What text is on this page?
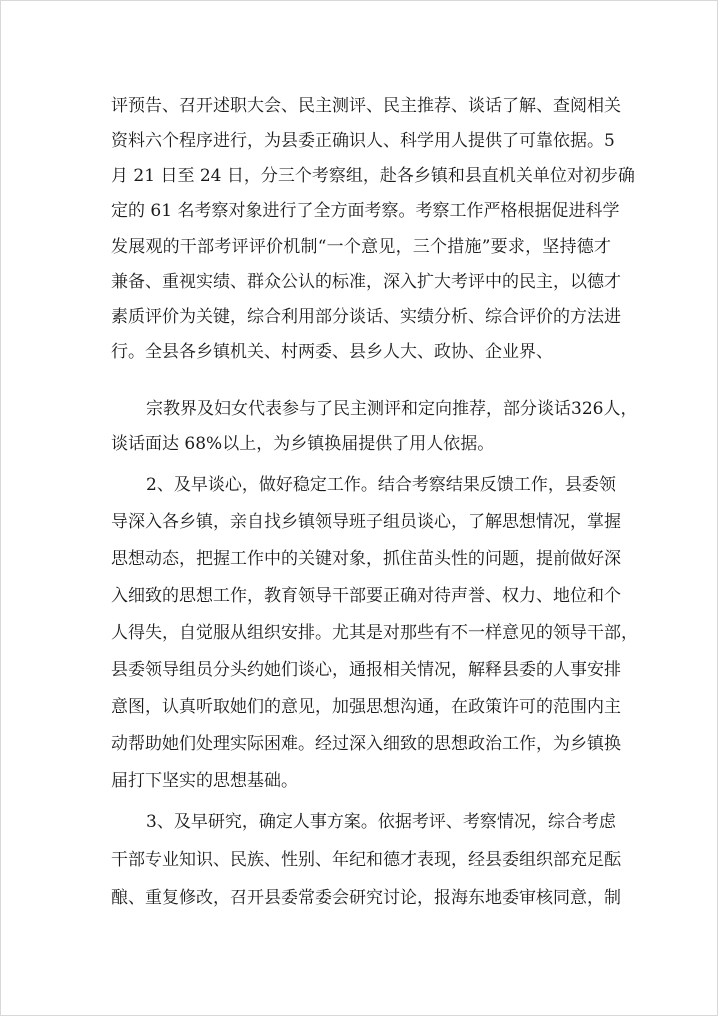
评预告、召开述职大会、民主测评、民主推荐、谈话了解、查阅相关
资料六个程序进行，为县委正确识人、科学用人提供了可靠依据。5
月 21 日至 24 日，分三个考察组，赴各乡镇和县直机关单位对初步确
定的 61 名考察对象进行了全方面考察。考察工作严格根据促进科学
发展观的干部考评评价机制“一个意见，三个措施”要求，坚持德才
兼备、重视实绩、群众公认的标准，深入扩大考评中的民主，以德才
素质评价为关键，综合利用部分谈话、实绩分析、综合评价的方法进
行。全县各乡镇机关、村两委、县乡人大、政协、企业界、
宗教界及妇女代表参与了民主测评和定向推荐，部分谈话326人，
谈话面达 68%以上，为乡镇换届提供了用人依据。
2、及早谈心，做好稳定工作。结合考察结果反馈工作，县委领
导深入各乡镇，亲自找乡镇领导班子组员谈心，了解思想情况，掌握
思想动态，把握工作中的关键对象，抓住苗头性的问题，提前做好深
入细致的思想工作，教育领导干部要正确对待声誉、权力、地位和个
人得失，自觉服从组织安排。尤其是对那些有不一样意见的领导干部，
县委领导组员分头约她们谈心，通报相关情况，解释县委的人事安排
意图，认真听取她们的意见，加强思想沟通，在政策许可的范围内主
动帮助她们处理实际困难。经过深入细致的思想政治工作，为乡镇换
届打下坚实的思想基础。
3、及早研究，确定人事方案。依据考评、考察情况，综合考虑
干部专业知识、民族、性别、年纪和德才表现，经县委组织部充足酝
酿、重复修改，召开县委常委会研究讨论，报海东地委审核同意，制
